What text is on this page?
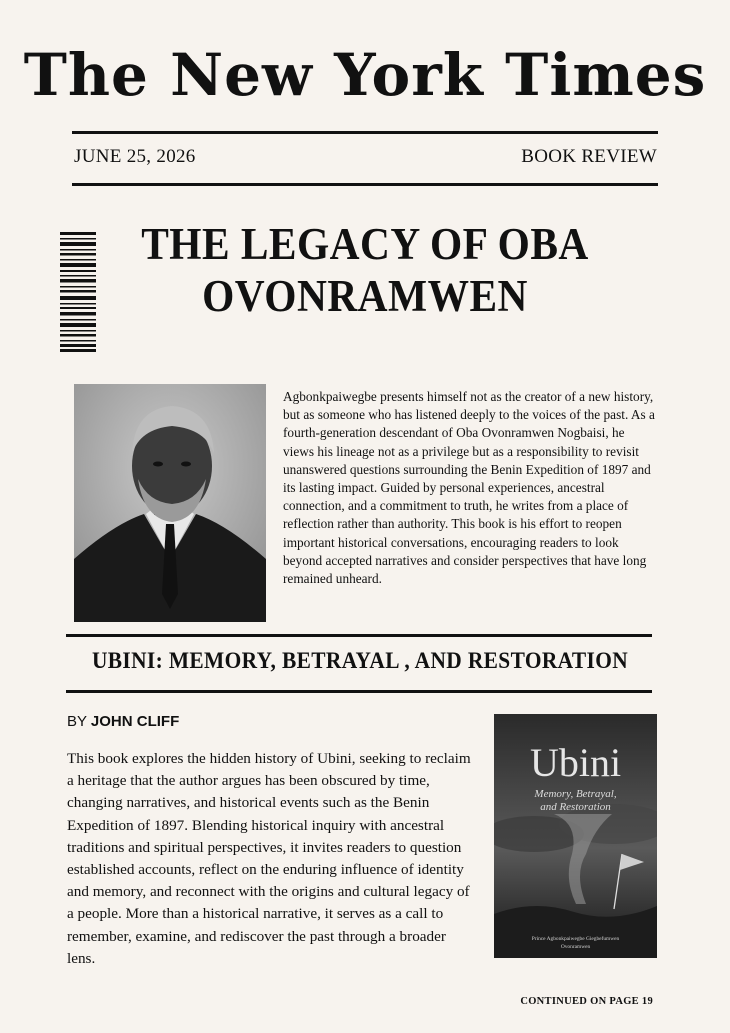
The New York Times
JUNE 25, 2026	BOOK REVIEW
THE LEGACY OF OBA OVONRAMWEN
Agbonkpaiwegbe presents himself not as the creator of a new history, but as someone who has listened deeply to the voices of the past. As a fourth-generation descendant of Oba Ovonramwen Nogbaisi, he views his lineage not as a privilege but as a responsibility to revisit unanswered questions surrounding the Benin Expedition of 1897 and its lasting impact. Guided by personal experiences, ancestral connection, and a commitment to truth, he writes from a place of reflection rather than authority. This book is his effort to reopen important historical conversations, encouraging readers to look beyond accepted narratives and consider perspectives that have long remained unheard.
UBINI: MEMORY, BETRAYAL , AND RESTORATION
BY JOHN CLIFF
This book explores the hidden history of Ubini, seeking to reclaim a heritage that the author argues has been obscured by time, changing narratives, and historical events such as the Benin Expedition of 1897. Blending historical inquiry with ancestral traditions and spiritual perspectives, it invites readers to question established accounts, reflect on the enduring influence of identity and memory, and reconnect with the origins and cultural legacy of a people. More than a historical narrative, it serves as a call to remember, examine, and rediscover the past through a broader lens.
Ubini
Memory, Betrayal,
and Restoration
Prince Agbonkpaiwegbe Giegbefumwen
Ovonramwen
CONTINUED ON PAGE 19
